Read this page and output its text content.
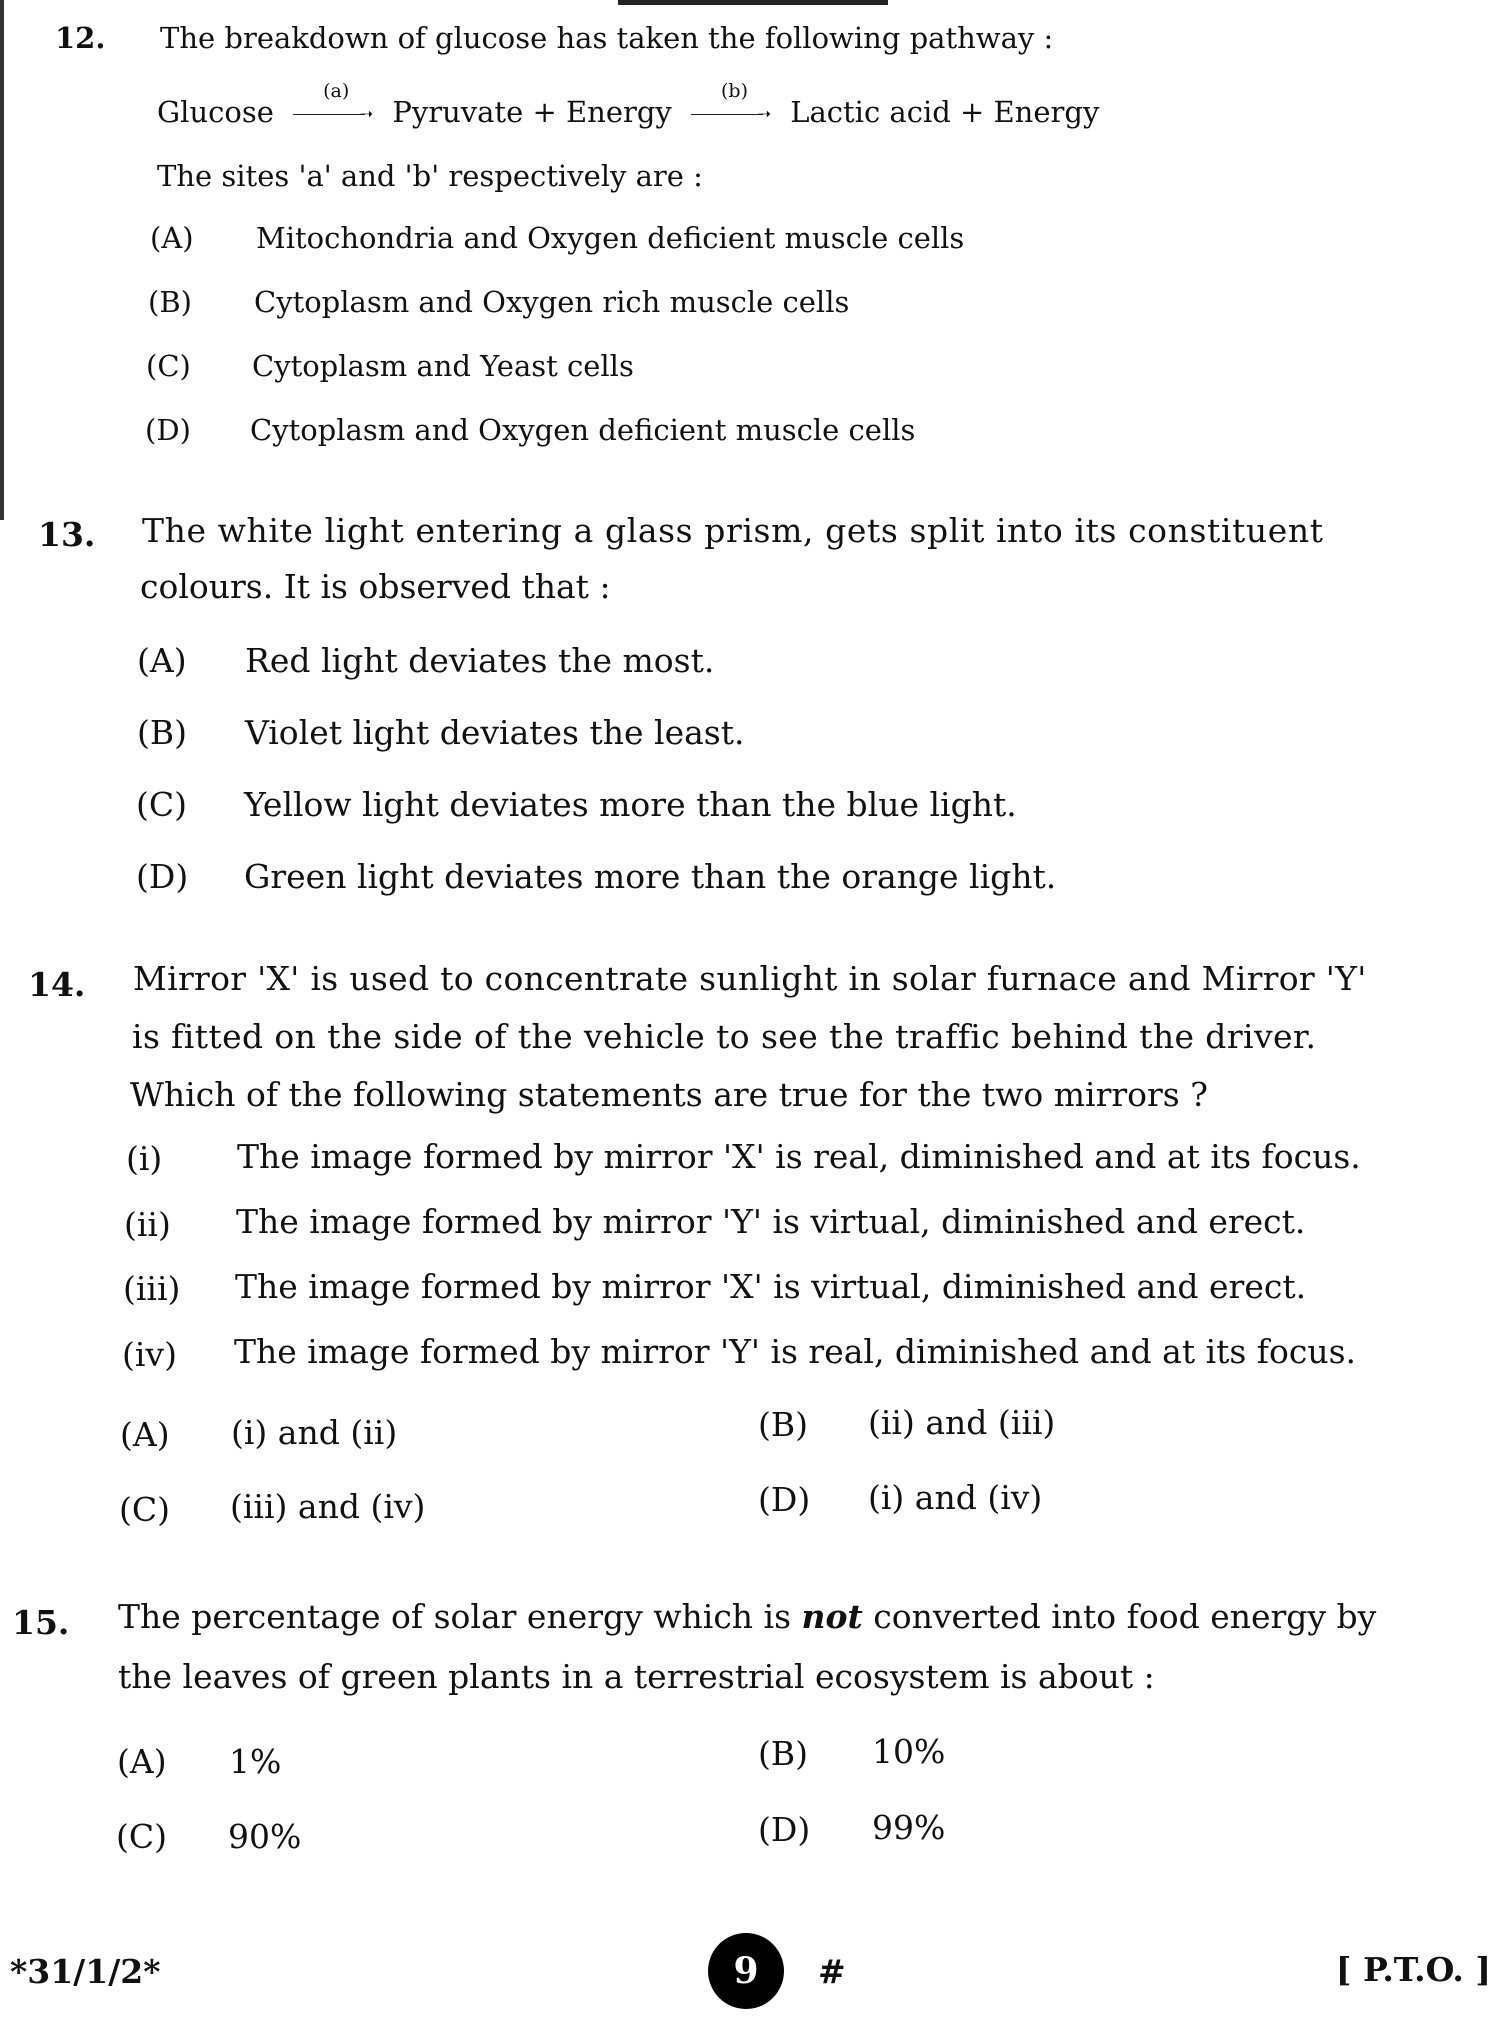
12. The breakdown of glucose has taken the following pathway :
Glucose
(a)
➝ Pyruvate + Energy
(b)
➝ Lactic acid + Energy
The sites 'a' and 'b' respectively are :
(A) Mitochondria and Oxygen deficient muscle cells
(B) Cytoplasm and Oxygen rich muscle cells
(C) Cytoplasm and Yeast cells
(D) Cytoplasm and Oxygen deficient muscle cells
13. The white light entering a glass prism, gets split into its constituent
colours. It is observed that :
(A) Red light deviates the most.
(B) Violet light deviates the least.
(C) Yellow light deviates more than the blue light.
(D) Green light deviates more than the orange light.
14. Mirror 'X' is used to concentrate sunlight in solar furnace and Mirror 'Y'
is fitted on the side of the vehicle to see the traffic behind the driver.
Which of the following statements are true for the two mirrors ?
(i) The image formed by mirror 'X' is real, diminished and at its focus.
(ii) The image formed by mirror 'Y' is virtual, diminished and erect.
(iii) The image formed by mirror 'X' is virtual, diminished and erect.
(iv) The image formed by mirror 'Y' is real, diminished and at its focus.
(A) (i) and (ii)	(B) (ii) and (iii)
(C) (iii) and (iv)	(D) (i) and (iv)
15. The percentage of solar energy which is not converted into food energy by
the leaves of green plants in a terrestrial ecosystem is about :
(A) 1%	(B) 10%
(C) 90%	(D) 99%
*31/1/2*	9	#	[ P.T.O. ]
